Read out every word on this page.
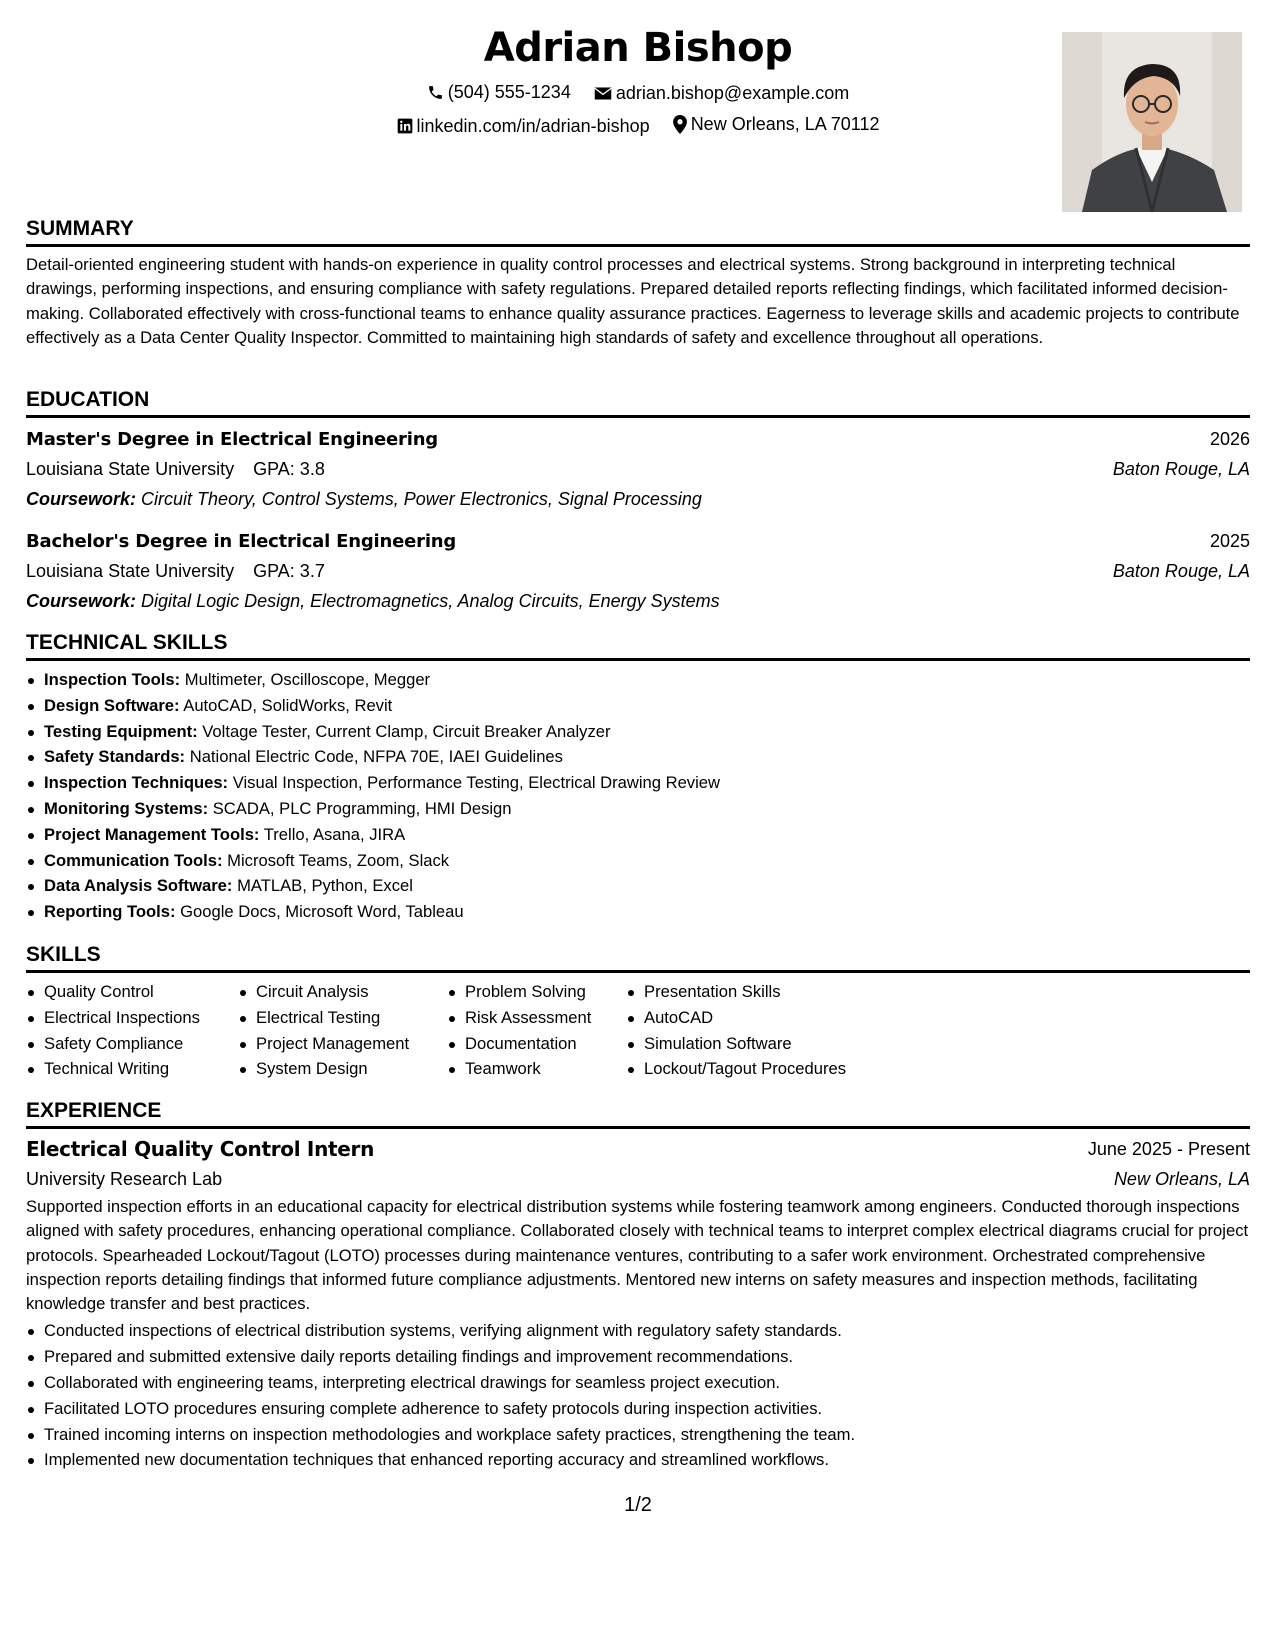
Adrian Bishop
(504) 555-1234
	adrian.bishop@example.com
linkedin.com/in/adrian-bishop
New Orleans, LA 70112
SUMMARY
Detail-oriented engineering student with hands-on experience in quality control processes and electrical systems. Strong background in interpreting technical drawings, performing inspections, and ensuring compliance with safety regulations. Prepared detailed reports reflecting findings, which facilitated informed decision-making. Collaborated effectively with cross-functional teams to enhance quality assurance practices. Eagerness to leverage skills and academic projects to contribute effectively as a Data Center Quality Inspector. Committed to maintaining high standards of safety and excellence throughout all operations.
EDUCATION
Master's Degree in Electrical Engineering	2026
Louisiana State University GPA: 3.8	Baton Rouge, LA
Coursework: Circuit Theory, Control Systems, Power Electronics, Signal Processing
Bachelor's Degree in Electrical Engineering	2025
Louisiana State University GPA: 3.7	Baton Rouge, LA
Coursework: Digital Logic Design, Electromagnetics, Analog Circuits, Energy Systems
TECHNICAL SKILLS
Inspection Tools: Multimeter, Oscilloscope, Megger
Design Software: AutoCAD, SolidWorks, Revit
Testing Equipment: Voltage Tester, Current Clamp, Circuit Breaker Analyzer
Safety Standards: National Electric Code, NFPA 70E, IAEI Guidelines
Inspection Techniques: Visual Inspection, Performance Testing, Electrical Drawing Review
Monitoring Systems: SCADA, PLC Programming, HMI Design
Project Management Tools: Trello, Asana, JIRA
Communication Tools: Microsoft Teams, Zoom, Slack
Data Analysis Software: MATLAB, Python, Excel
Reporting Tools: Google Docs, Microsoft Word, Tableau
SKILLS
Quality Control
Electrical Inspections
Safety Compliance
Technical Writing
Circuit Analysis
Electrical Testing
Project Management
System Design
Problem Solving
Risk Assessment
Documentation
Teamwork
Presentation Skills
AutoCAD
Simulation Software
Lockout/Tagout Procedures
EXPERIENCE
Electrical Quality Control Intern	June 2025 - Present
University Research Lab	New Orleans, LA
Supported inspection efforts in an educational capacity for electrical distribution systems while fostering teamwork among engineers. Conducted thorough inspections aligned with safety procedures, enhancing operational compliance. Collaborated closely with technical teams to interpret complex electrical diagrams crucial for project protocols. Spearheaded Lockout/Tagout (LOTO) processes during maintenance ventures, contributing to a safer work environment. Orchestrated comprehensive inspection reports detailing findings that informed future compliance adjustments. Mentored new interns on safety measures and inspection methods, facilitating knowledge transfer and best practices.
Conducted inspections of electrical distribution systems, verifying alignment with regulatory safety standards.
Prepared and submitted extensive daily reports detailing findings and improvement recommendations.
Collaborated with engineering teams, interpreting electrical drawings for seamless project execution.
Facilitated LOTO procedures ensuring complete adherence to safety protocols during inspection activities.
Trained incoming interns on inspection methodologies and workplace safety practices, strengthening the team.
Implemented new documentation techniques that enhanced reporting accuracy and streamlined workflows.
1/2
